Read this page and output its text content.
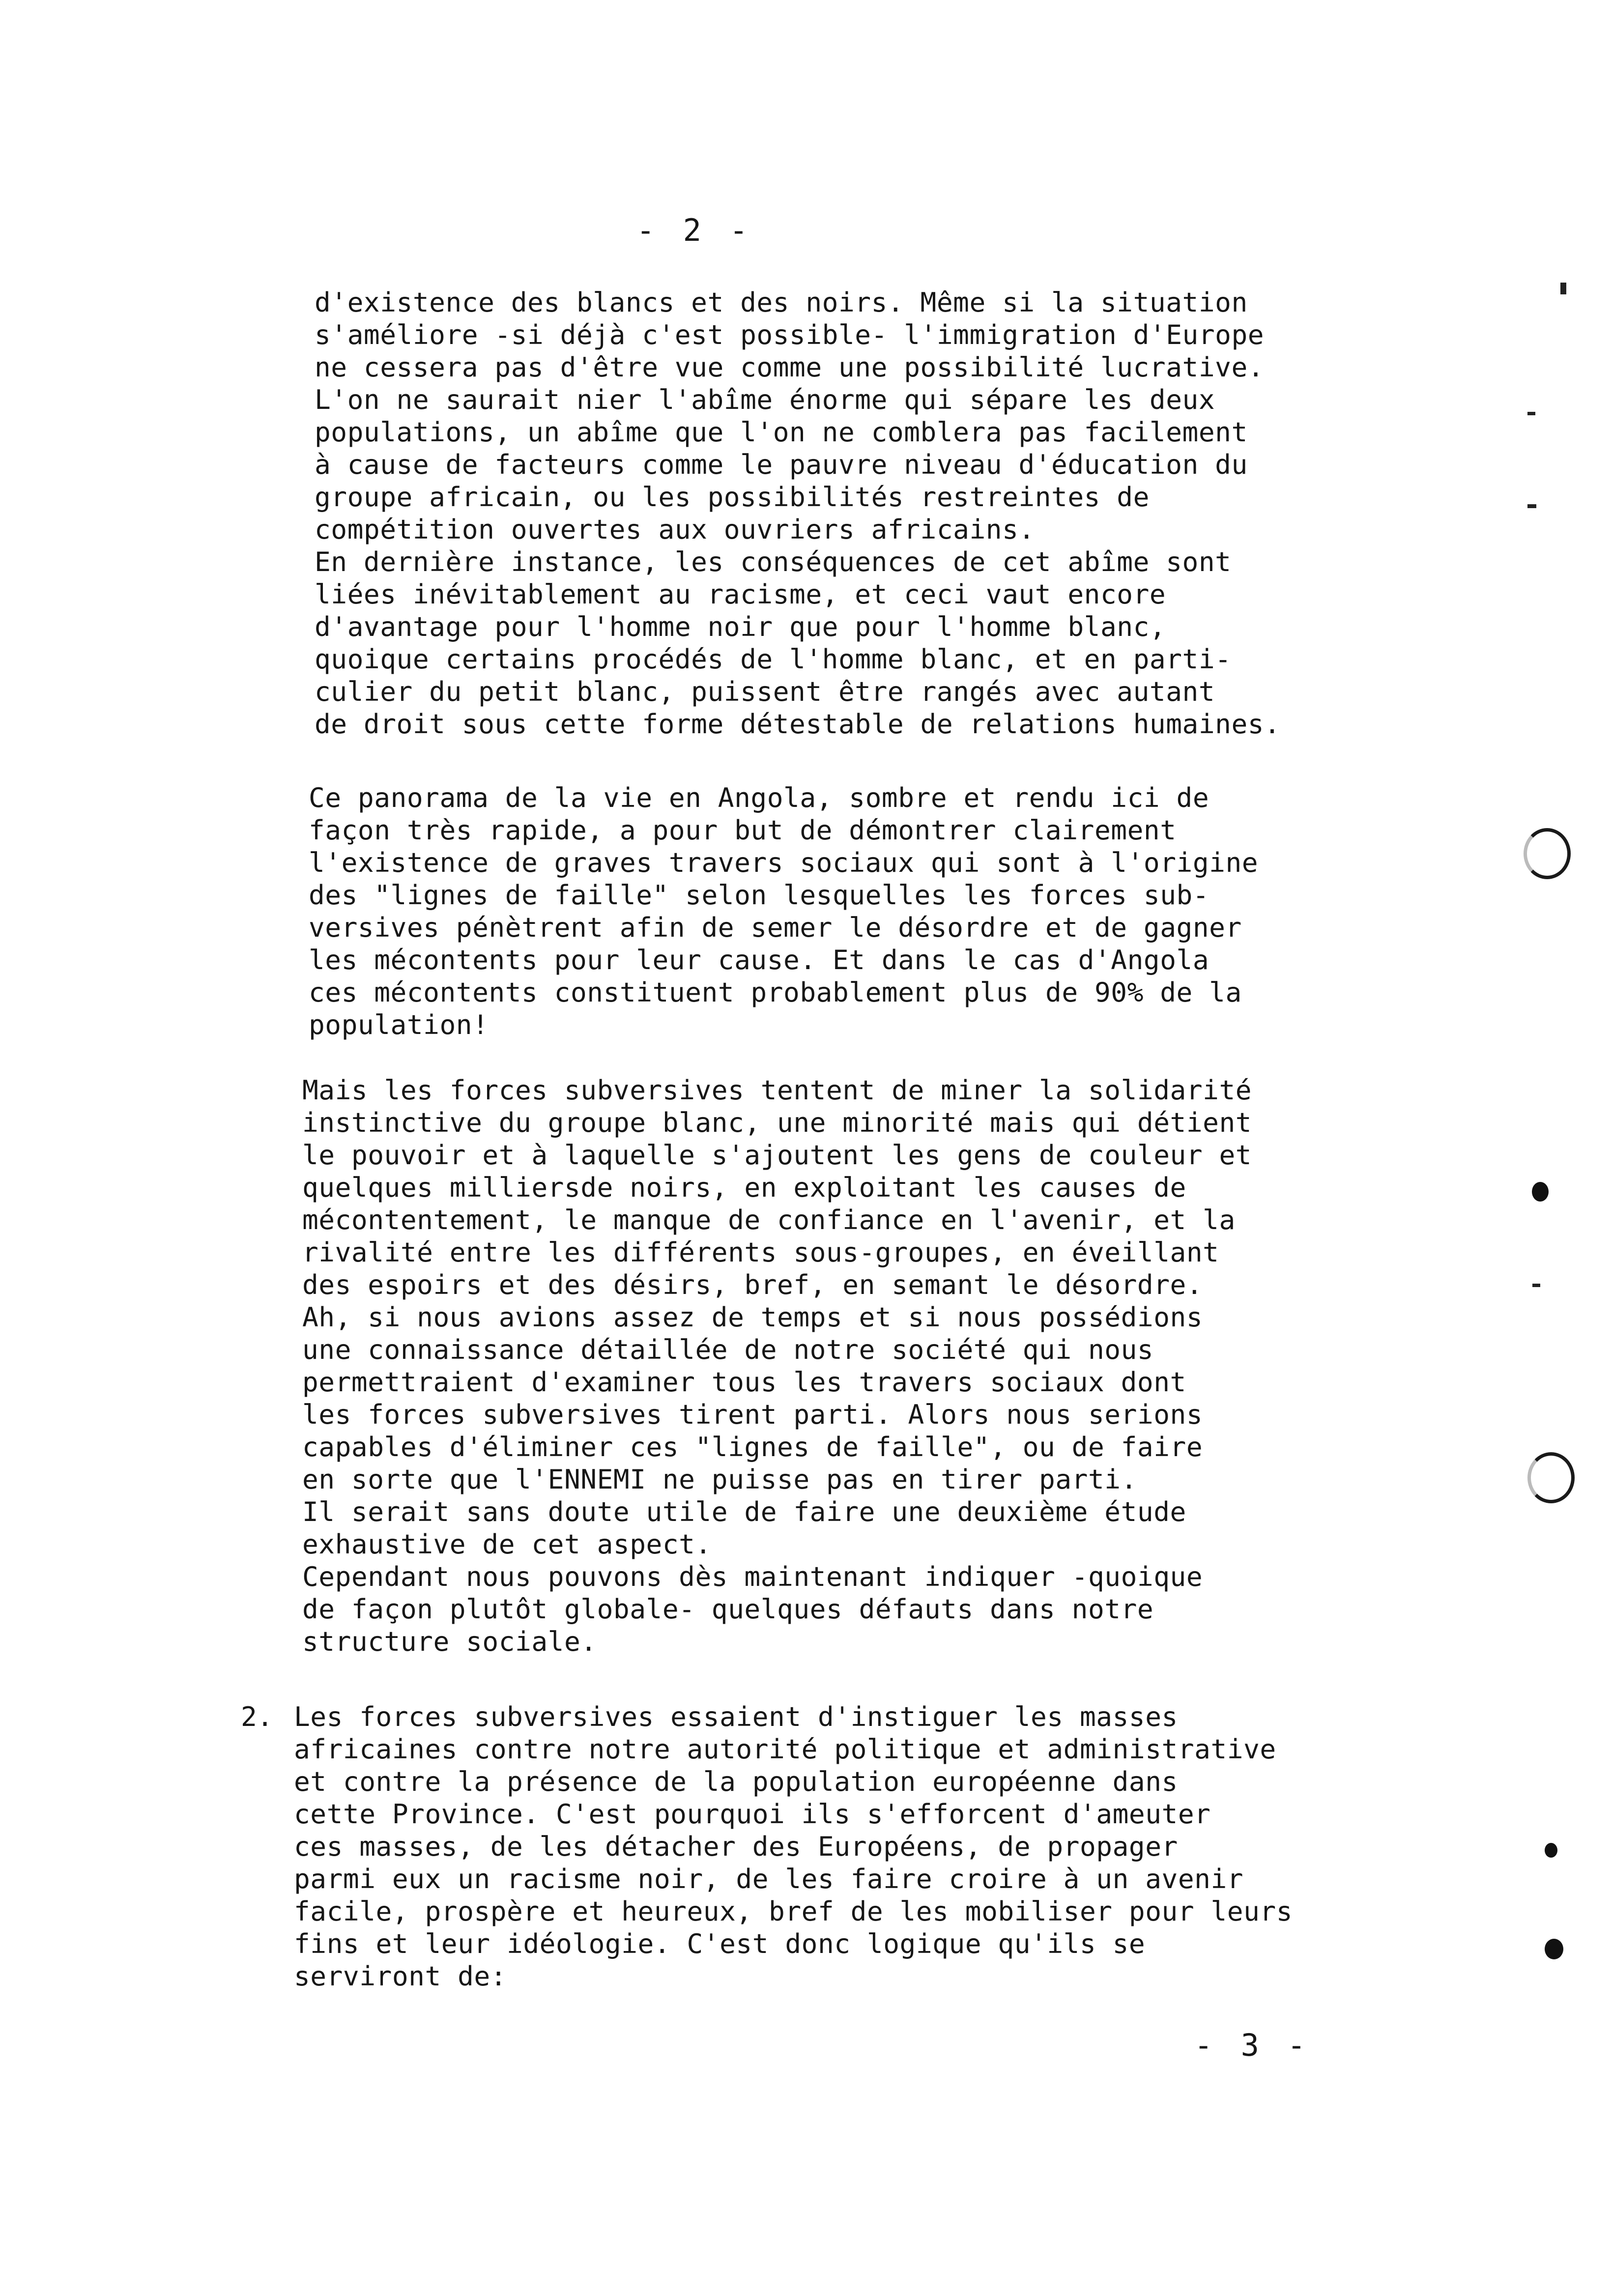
- 2 -

d'existence des blancs et des noirs. Même si la situation
s'améliore -si déjà c'est possible- l'immigration d'Europe
ne cessera pas d'être vue comme une possibilité lucrative.
L'on ne saurait nier l'abîme énorme qui sépare les deux
populations, un abîme que l'on ne comblera pas facilement
à cause de facteurs comme le pauvre niveau d'éducation du
groupe africain, ou les possibilités restreintes de
compétition ouvertes aux ouvriers africains.
En dernière instance, les conséquences de cet abîme sont
liées inévitablement au racisme, et ceci vaut encore
d'avantage pour l'homme noir que pour l'homme blanc,
quoique certains procédés de l'homme blanc, et en parti-
culier du petit blanc, puissent être rangés avec autant
de droit sous cette forme détestable de relations humaines.

Ce panorama de la vie en Angola, sombre et rendu ici de
façon très rapide, a pour but de démontrer clairement
l'existence de graves travers sociaux qui sont à l'origine
des "lignes de faille" selon lesquelles les forces sub-
versives pénètrent afin de semer le désordre et de gagner
les mécontents pour leur cause. Et dans le cas d'Angola
ces mécontents constituent probablement plus de 90% de la
population!

Mais les forces subversives tentent de miner la solidarité
instinctive du groupe blanc, une minorité mais qui détient
le pouvoir et à laquelle s'ajoutent les gens de couleur et
quelques milliersde noirs, en exploitant les causes de
mécontentement, le manque de confiance en l'avenir, et la
rivalité entre les différents sous-groupes, en éveillant
des espoirs et des désirs, bref, en semant le désordre.
Ah, si nous avions assez de temps et si nous possédions
une connaissance détaillée de notre société qui nous
permettraient d'examiner tous les travers sociaux dont
les forces subversives tirent parti. Alors nous serions
capables d'éliminer ces "lignes de faille", ou de faire
en sorte que l'ENNEMI ne puisse pas en tirer parti.
Il serait sans doute utile de faire une deuxième étude
exhaustive de cet aspect.
Cependant nous pouvons dès maintenant indiquer -quoique
de façon plutôt globale- quelques défauts dans notre
structure sociale.

2. Les forces subversives essaient d'instiguer les masses
africaines contre notre autorité politique et administrative
et contre la présence de la population européenne dans
cette Province. C'est pourquoi ils s'efforcent d'ameuter
ces masses, de les détacher des Européens, de propager
parmi eux un racisme noir, de les faire croire à un avenir
facile, prospère et heureux, bref de les mobiliser pour leurs
fins et leur idéologie. C'est donc logique qu'ils se
serviront de:

- 3 -
